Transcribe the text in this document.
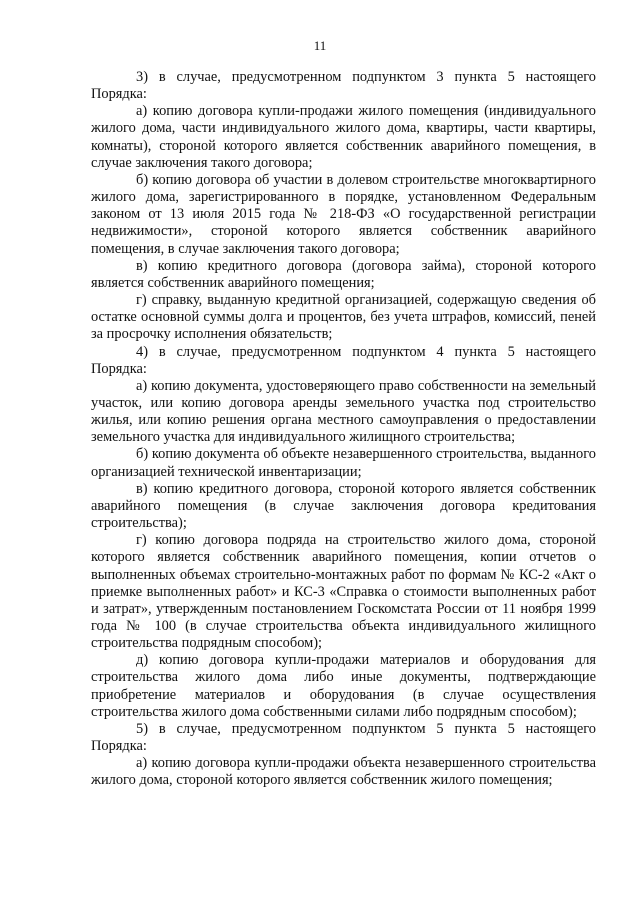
11

3) в случае, предусмотренном подпунктом 3 пункта 5 настоящего Порядка:

а) копию договора купли-продажи жилого помещения (индивидуального жилого дома, части индивидуального жилого дома, квартиры, части квартиры, комнаты), стороной которого является собственник аварийного помещения, в случае заключения такого договора;

б) копию договора об участии в долевом строительстве многоквартирного жилого дома, зарегистрированного в порядке, установленном Федеральным законом от 13 июля 2015 года № 218-ФЗ «О государственной регистрации недвижимости», стороной которого является собственник аварийного помещения, в случае заключения такого договора;

в) копию кредитного договора (договора займа), стороной которого является собственник аварийного помещения;

г) справку, выданную кредитной организацией, содержащую сведения об остатке основной суммы долга и процентов, без учета штрафов, комиссий, пеней за просрочку исполнения обязательств;

4) в случае, предусмотренном подпунктом 4 пункта 5 настоящего Порядка:

а) копию документа, удостоверяющего право собственности на земельный участок, или копию договора аренды земельного участка под строительство жилья, или копию решения органа местного самоуправления о предоставлении земельного участка для индивидуального жилищного строительства;

б) копию документа об объекте незавершенного строительства, выданного организацией технической инвентаризации;

в) копию кредитного договора, стороной которого является собственник аварийного помещения (в случае заключения договора кредитования строительства);

г) копию договора подряда на строительство жилого дома, стороной которого является собственник аварийного помещения, копии отчетов о выполненных объемах строительно-монтажных работ по формам № КС-2 «Акт о приемке выполненных работ» и КС-3 «Справка о стоимости выполненных работ и затрат», утвержденным постановлением Госкомстата России от 11 ноября 1999 года № 100 (в случае строительства объекта индивидуального жилищного строительства подрядным способом);

д) копию договора купли-продажи материалов и оборудования для строительства жилого дома либо иные документы, подтверждающие приобретение материалов и оборудования (в случае осуществления строительства жилого дома собственными силами либо подрядным способом);

5) в случае, предусмотренном подпунктом 5 пункта 5 настоящего Порядка:

а) копию договора купли-продажи объекта незавершенного строительства жилого дома, стороной которого является собственник жилого помещения;
